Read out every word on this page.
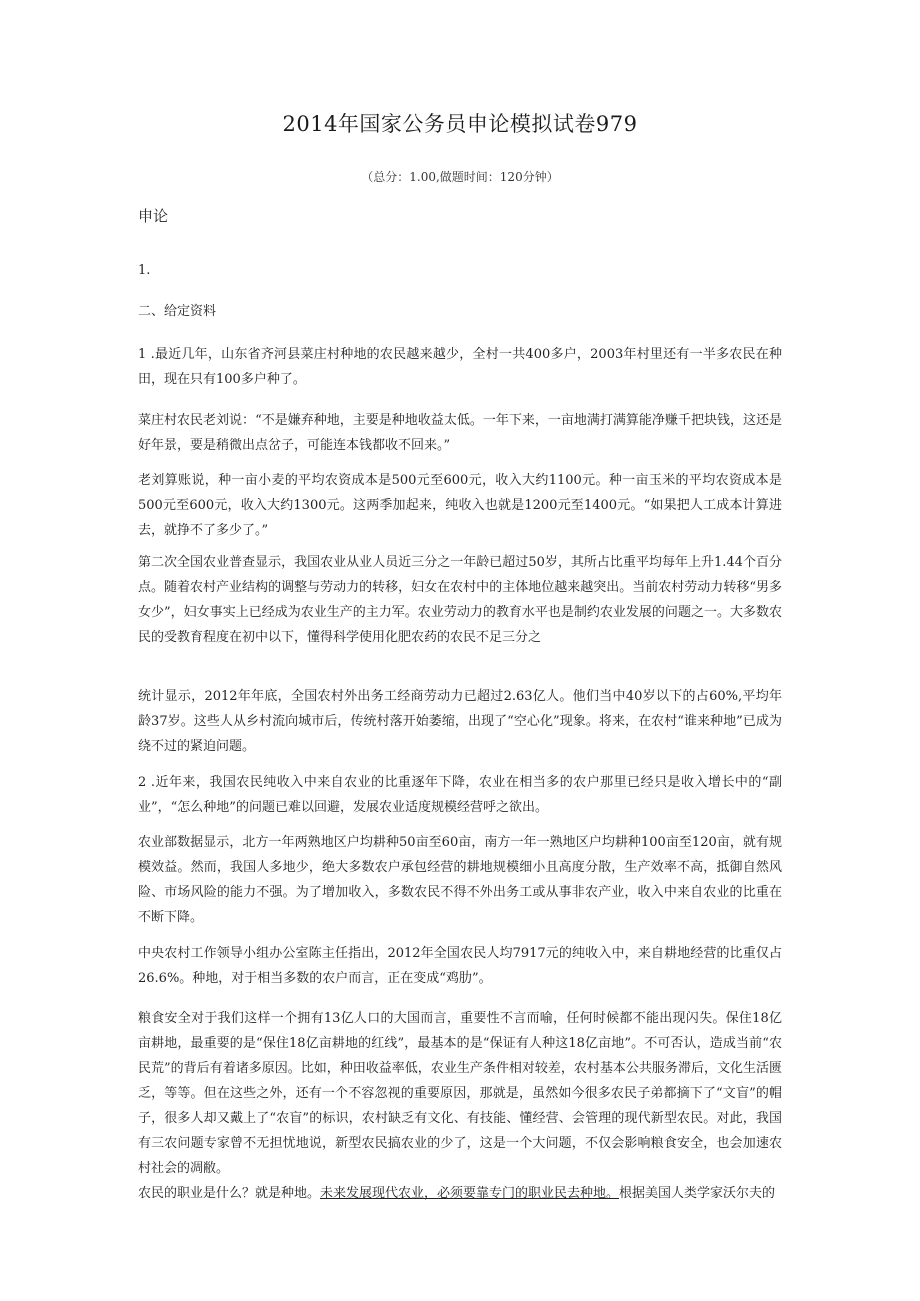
2014年国家公务员申论模拟试卷979
（总分：1.00,做题时间：120分钟）
申论

1.

二、给定资料

1 .最近几年，山东省齐河县菜庄村种地的农民越来越少，全村一共400多户，2003年村里还有一半多农民在种田，现在只有100多户种了。

菜庄村农民老刘说：“不是嫌弃种地，主要是种地收益太低。一年下来，一亩地满打满算能净赚千把块钱，这还是好年景，要是稍微出点岔子，可能连本钱都收不回来。”

老刘算账说，种一亩小麦的平均农资成本是500元至600元，收入大约1100元。种一亩玉米的平均农资成本是500元至600元，收入大约1300元。这两季加起来，纯收入也就是1200元至1400元。“如果把人工成本计算进去，就挣不了多少了。”

第二次全国农业普查显示，我国农业从业人员近三分之一年龄已超过50岁，其所占比重平均每年上升1.44个百分点。随着农村产业结构的调整与劳动力的转移，妇女在农村中的主体地位越来越突出。当前农村劳动力转移“男多女少”，妇女事实上已经成为农业生产的主力军。农业劳动力的教育水平也是制约农业发展的问题之一。大多数农民的受教育程度在初中以下，懂得科学使用化肥农药的农民不足三分之

统计显示，2012年年底，全国农村外出务工经商劳动力已超过2.63亿人。他们当中40岁以下的占60%,平均年龄37岁。这些人从乡村流向城市后，传统村落开始萎缩，出现了“空心化”现象。将来，在农村“谁来种地”已成为绕不过的紧迫问题。

2 .近年来，我国农民纯收入中来自农业的比重逐年下降，农业在相当多的农户那里已经只是收入增长中的“副业”，“怎么种地”的问题已难以回避，发展农业适度规模经营呼之欲出。

农业部数据显示，北方一年两熟地区户均耕种50亩至60亩，南方一年一熟地区户均耕种100亩至120亩，就有规模效益。然而，我国人多地少，绝大多数农户承包经营的耕地规模细小且高度分散，生产效率不高，抵御自然风险、市场风险的能力不强。为了增加收入，多数农民不得不外出务工或从事非农产业，收入中来自农业的比重在不断下降。

中央农村工作领导小组办公室陈主任指出，2012年全国农民人均7917元的纯收入中，来自耕地经营的比重仅占26.6%。种地，对于相当多数的农户而言，正在变成“鸡肋”。

粮食安全对于我们这样一个拥有13亿人口的大国而言，重要性不言而喻，任何时候都不能出现闪失。保住18亿亩耕地，最重要的是“保住18亿亩耕地的红线”，最基本的是“保证有人种这18亿亩地”。不可否认，造成当前“农民荒”的背后有着诸多原因。比如，种田收益率低，农业生产条件相对较差，农村基本公共服务滞后，文化生活匮乏，等等。但在这些之外，还有一个不容忽视的重要原因，那就是，虽然如今很多农民子弟都摘下了“文盲”的帽子，很多人却又戴上了“农盲”的标识，农村缺乏有文化、有技能、懂经营、会管理的现代新型农民。对此，我国有三农问题专家曾不无担忧地说，新型农民搞农业的少了，这是一个大问题，不仅会影响粮食安全，也会加速农村社会的凋敝。

农民的职业是什么？就是种地。未来发展现代农业，必须要靠专门的职业民去种地。根据美国人类学家沃尔夫的
